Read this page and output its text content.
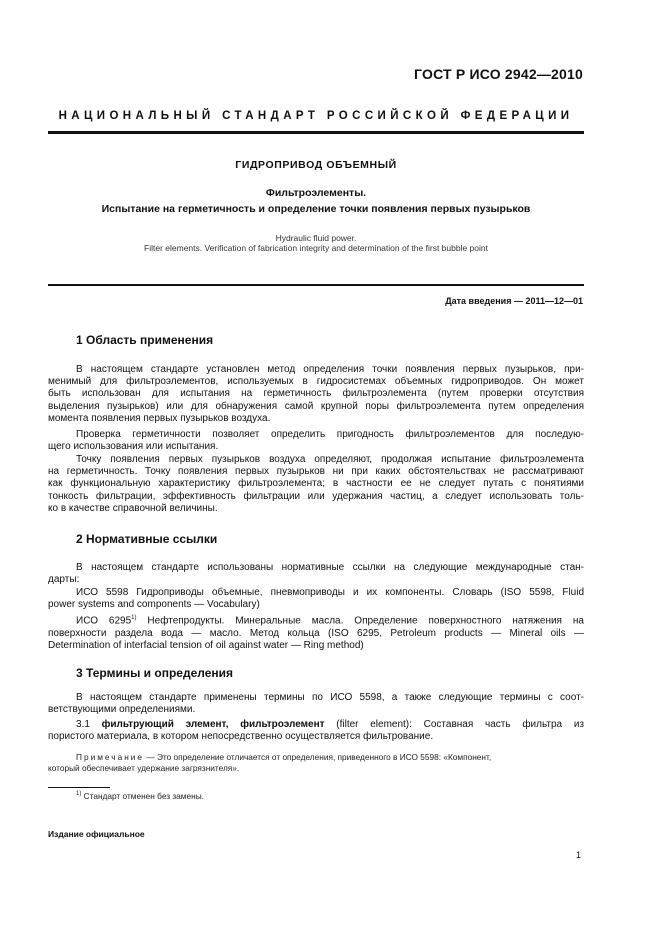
ГОСТ Р ИСО 2942—2010
НАЦИОНАЛЬНЫЙ СТАНДАРТ РОССИЙСКОЙ ФЕДЕРАЦИИ
ГИДРОПРИВОД ОБЪЕМНЫЙ
Фильтроэлементы.
Испытание на герметичность и определение точки появления первых пузырьков
Hydraulic fluid power.
Filter elements. Verification of fabrication integrity and determination of the first bubble point
Дата введения — 2011—12—01
1 Область применения
В настоящем стандарте установлен метод определения точки появления первых пузырьков, при-
менимый для фильтроэлементов, используемых в гидросистемах объемных гидроприводов. Он может
быть использован для испытания на герметичность фильтроэлемента (путем проверки отсутствия
выделения пузырьков) или для обнаружения самой крупной поры фильтроэлемента путем определения
момента появления первых пузырьков воздуха.
Проверка герметичности позволяет определить пригодность фильтроэлементов для последую-
щего использования или испытания.
Точку появления первых пузырьков воздуха определяют, продолжая испытание фильтроэлемента
на герметичность. Точку появления первых пузырьков ни при каких обстоятельствах не рассматривают
как функциональную характеристику фильтроэлемента; в частности ее не следует путать с понятиями
тонкость фильтрации, эффективность фильтрации или удержания частиц, а следует использовать толь-
ко в качестве справочной величины.
2 Нормативные ссылки
В настоящем стандарте использованы нормативные ссылки на следующие международные стан-
дарты:
ИСО 5598 Гидроприводы объемные, пневмоприводы и их компоненты. Словарь (ISO 5598, Fluid
power systems and components — Vocabulary)
ИСО 6295$^{1)}$ Нефтепродукты. Минеральные масла. Определение поверхностного натяжения на
поверхности раздела вода — масло. Метод кольца (ISO 6295, Petroleum products — Mineral oils —
Determination of interfacial tension of oil against water — Ring method)
3 Термины и определения
В настоящем стандарте применены термины по ИСО 5598, а также следующие термины с соот-
ветствующими определениями.
3.1 фильтрующий элемент, фильтроэлемент (filter element): Составная часть фильтра из
пористого материала, в котором непосредственно осуществляется фильтрование.
Примечание — Это определение отличается от определения, приведенного в ИСО 5598: «Компонент,
который обеспечивает удержание загрязнителя».
$^{1)}$ Стандарт отменен без замены.
Издание официальное
1
